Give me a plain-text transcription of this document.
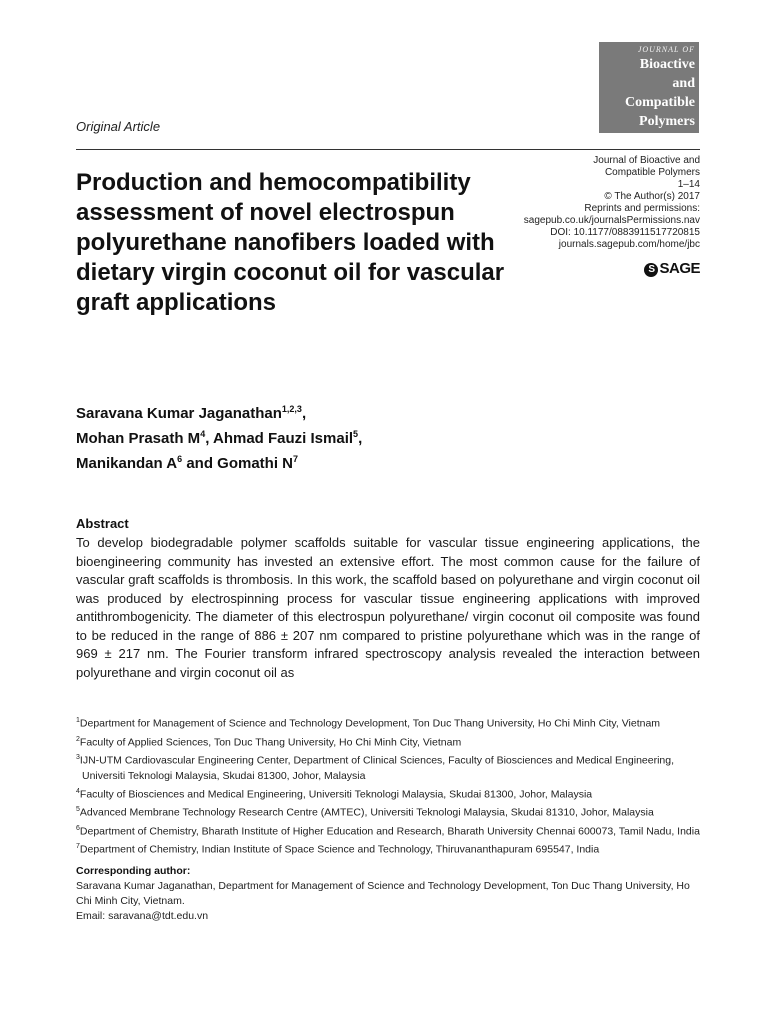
JOURNAL OF
Bioactive
and
Compatible
Polymers
Original Article
Production and hemocompatibility assessment of novel electrospun polyurethane nanofibers loaded with dietary virgin coconut oil for vascular graft applications
Journal of Bioactive and
Compatible Polymers
1–14
© The Author(s) 2017
Reprints and permissions:
sagepub.co.uk/journalsPermissions.nav
DOI: 10.1177/0883911517720815
journals.sagepub.com/home/jbc
S SAGE
Saravana Kumar Jaganathan$^{1,2,3}$,
Mohan Prasath $M^4$, Ahmad Fauzi Ismail$^5$,
Manikandan $A^6$ and Gomathi $N^7$
Abstract

To develop biodegradable polymer scaffolds suitable for vascular tissue engineering applications, the bioengineering community has invested an extensive effort. The most common cause for the failure of vascular graft scaffolds is thrombosis. In this work, the scaffold based on polyurethane and virgin coconut oil was produced by electrospinning process for vascular tissue engineering applications with improved antithrombogenicity. The diameter of this electrospun polyurethane/ virgin coconut oil composite was found to be reduced in the range of 886 ± 207 nm compared to pristine polyurethane which was in the range of 969 ± 217 nm. The Fourier transform infrared spectroscopy analysis revealed the interaction between polyurethane and virgin coconut oil as

$^1$Department for Management of Science and Technology Development, Ton Duc Thang University, Ho Chi Minh City, Vietnam
$^2$Faculty of Applied Sciences, Ton Duc Thang University, Ho Chi Minh City, Vietnam
$^3$IJN-UTM Cardiovascular Engineering Center, Department of Clinical Sciences, Faculty of Biosciences and Medical Engineering, Universiti Teknologi Malaysia, Skudai 81300, Johor, Malaysia
$^4$Faculty of Biosciences and Medical Engineering, Universiti Teknologi Malaysia, Skudai 81300, Johor, Malaysia
$^5$Advanced Membrane Technology Research Centre (AMTEC), Universiti Teknologi Malaysia, Skudai 81310, Johor, Malaysia
$^6$Department of Chemistry, Bharath Institute of Higher Education and Research, Bharath University Chennai 600073, Tamil Nadu, India
$^7$Department of Chemistry, Indian Institute of Space Science and Technology, Thiruvananthapuram 695547, India
Corresponding author:
Saravana Kumar Jaganathan, Department for Management of Science and Technology Development, Ton Duc Thang University, Ho Chi Minh City, Vietnam.
Email: saravana@tdt.edu.vn
